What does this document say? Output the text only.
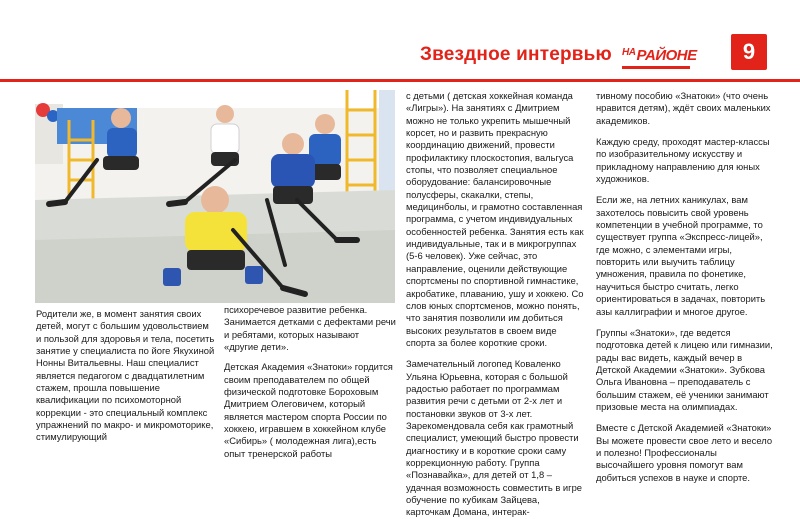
Звездное интервью $^{НА}$РАЙОНЕ	9

Родители же, в момент занятия своих детей, могут с большим удовольствием и пользой для здоровья и тела, посетить занятие у специалиста по йоге Якухиной Нонны Витальевны. Наш специалист является педагогом с двадцатилетним стажем, прошла повышение квалификации по психомоторной коррекции - это специальный комплекс упражнений по макро- и микромоторике, стимулирующий

психоречевое развитие ребенка. Занимается детками с дефектами речи и ребятами, которых называют «другие дети».

Детская Академия «Знатоки» гордится своим преподавателем по общей физической подготовке Бороховым Дмитрием Олеговичем, который является мастером спорта России по хоккею, игравшем в хоккейном клубе «Сибирь» ( молодежная лига),есть опыт тренерской работы

с детьми ( детская хоккейная команда «Лигры»). На занятиях с Дмитрием можно не только укрепить мышечный корсет, но и развить прекрасную координацию движений, провести профилактику плоскостопия, вальгуса стопы, что позволяет специальное оборудование: балансировочные полусферы, скакалки, степы, медицинболы, и грамотно составленная программа, с учетом индивидуальных особенностей ребенка. Занятия есть как индивидуальные, так и в микрогруппах (5-6 человек). Уже сейчас, это направление, оценили действующие спортсмены по спортивной гимнастике, акробатике, плаванию, ушу и хоккею. Со слов юных спортсменов, можно понять, что занятия позволили им добиться высоких результатов в своем виде спорта за более короткие сроки.

Замечательный логопед Коваленко Ульяна Юрьевна, которая с большой радостью работает по программам развития речи с детьми от 2-х лет и постановки звуков от 3-х лет. Зарекомендовала себя как грамотный специалист, умеющий быстро провести диагностику и в короткие сроки саму коррекционную работу. Группа «Познавайка», для детей от 1,8 – удачная возможность совместить в игре обучение по кубикам Зайцева, карточкам Домана, интерак-

тивному пособию «Знатоки» (что очень нравится детям), ждёт своих маленьких академиков.

Каждую среду, проходят мастер-классы по изобразительному искусству и прикладному направлению для юных художников.

Если же, на летних каникулах, вам захотелось повысить свой уровень компетенции в учебной программе, то существует группа «Экспресс-лицей», где можно, с элементами игры, повторить или выучить таблицу умножения, правила по фонетике, научиться быстро считать, легко ориентироваться в задачах, повторить азы каллиграфии и многое другое.

Группы «Знатоки», где ведется подготовка детей к лицею или гимназии, рады вас видеть, каждый вечер в Детской Академии «Знатоки». Зубкова Ольга Ивановна – преподаватель с большим стажем, её ученики занимают призовые места на олимпиадах.

Вместе с Детской Академией «Знатоки» Вы можете провести свое лето и весело и полезно! Профессионалы высочайшего уровня помогут вам добиться успехов в науке и спорте.
